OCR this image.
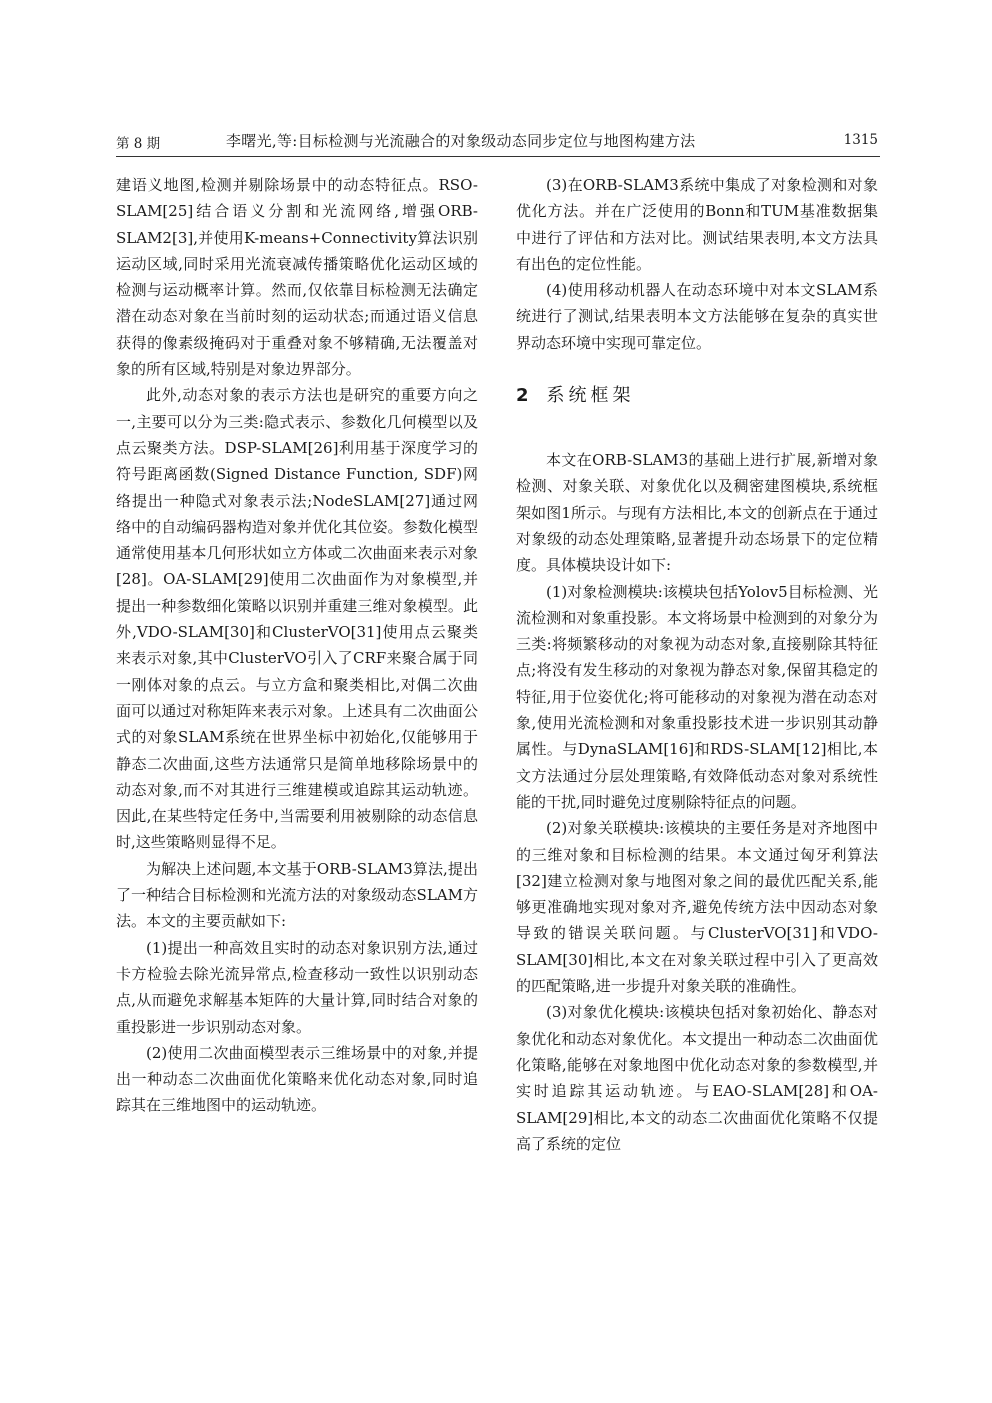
第 8 期	李曙光,等:目标检测与光流融合的对象级动态同步定位与地图构建方法	1315

建语义地图,检测并剔除场景中的动态特征点。RSO-SLAM[25]结合语义分割和光流网络,增强ORB-SLAM2[3],并使用K-means+Connectivity算法识别运动区域,同时采用光流衰减传播策略优化运动区域的检测与运动概率计算。然而,仅依靠目标检测无法确定潜在动态对象在当前时刻的运动状态;而通过语义信息获得的像素级掩码对于重叠对象不够精确,无法覆盖对象的所有区域,特别是对象边界部分。

此外,动态对象的表示方法也是研究的重要方向之一,主要可以分为三类:隐式表示、参数化几何模型以及点云聚类方法。DSP-SLAM[26]利用基于深度学习的符号距离函数(Signed Distance Function, SDF)网络提出一种隐式对象表示法;NodeSLAM[27]通过网络中的自动编码器构造对象并优化其位姿。参数化模型通常使用基本几何形状如立方体或二次曲面来表示对象[28]。OA-SLAM[29]使用二次曲面作为对象模型,并提出一种参数细化策略以识别并重建三维对象模型。此外,VDO-SLAM[30]和ClusterVO[31]使用点云聚类来表示对象,其中ClusterVO引入了CRF来聚合属于同一刚体对象的点云。与立方盒和聚类相比,对偶二次曲面可以通过对称矩阵来表示对象。上述具有二次曲面公式的对象SLAM系统在世界坐标中初始化,仅能够用于静态二次曲面,这些方法通常只是简单地移除场景中的动态对象,而不对其进行三维建模或追踪其运动轨迹。因此,在某些特定任务中,当需要利用被剔除的动态信息时,这些策略则显得不足。

为解决上述问题,本文基于ORB-SLAM3算法,提出了一种结合目标检测和光流方法的对象级动态SLAM方法。本文的主要贡献如下:

(1)提出一种高效且实时的动态对象识别方法,通过卡方检验去除光流异常点,检查移动一致性以识别动态点,从而避免求解基本矩阵的大量计算,同时结合对象的重投影进一步识别动态对象。

(2)使用二次曲面模型表示三维场景中的对象,并提出一种动态二次曲面优化策略来优化动态对象,同时追踪其在三维地图中的运动轨迹。

(3)在ORB-SLAM3系统中集成了对象检测和对象优化方法。并在广泛使用的Bonn和TUM基准数据集中进行了评估和方法对比。测试结果表明,本文方法具有出色的定位性能。

(4)使用移动机器人在动态环境中对本文SLAM系统进行了测试,结果表明本文方法能够在复杂的真实世界动态环境中实现可靠定位。

2 系统框架

本文在ORB-SLAM3的基础上进行扩展,新增对象检测、对象关联、对象优化以及稠密建图模块,系统框架如图1所示。与现有方法相比,本文的创新点在于通过对象级的动态处理策略,显著提升动态场景下的定位精度。具体模块设计如下:

(1)对象检测模块:该模块包括Yolov5目标检测、光流检测和对象重投影。本文将场景中检测到的对象分为三类:将频繁移动的对象视为动态对象,直接剔除其特征点;将没有发生移动的对象视为静态对象,保留其稳定的特征,用于位姿优化;将可能移动的对象视为潜在动态对象,使用光流检测和对象重投影技术进一步识别其动静属性。与DynaSLAM[16]和RDS-SLAM[12]相比,本文方法通过分层处理策略,有效降低动态对象对系统性能的干扰,同时避免过度剔除特征点的问题。

(2)对象关联模块:该模块的主要任务是对齐地图中的三维对象和目标检测的结果。本文通过匈牙利算法[32]建立检测对象与地图对象之间的最优匹配关系,能够更准确地实现对象对齐,避免传统方法中因动态对象导致的错误关联问题。与ClusterVO[31]和VDO-SLAM[30]相比,本文在对象关联过程中引入了更高效的匹配策略,进一步提升对象关联的准确性。

(3)对象优化模块:该模块包括对象初始化、静态对象优化和动态对象优化。本文提出一种动态二次曲面优化策略,能够在对象地图中优化动态对象的参数模型,并实时追踪其运动轨迹。与EAO-SLAM[28]和OA-SLAM[29]相比,本文的动态二次曲面优化策略不仅提高了系统的定位
